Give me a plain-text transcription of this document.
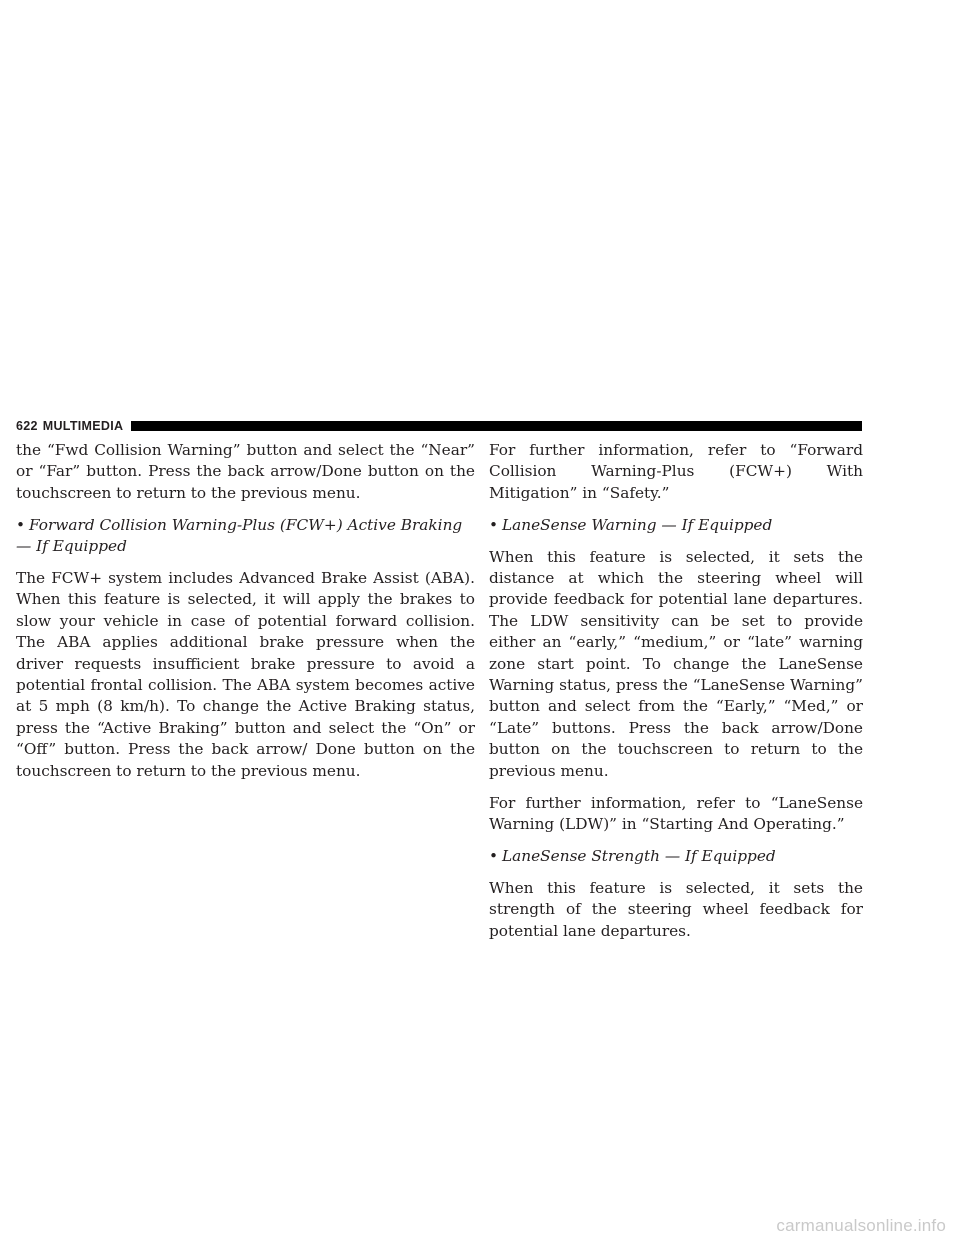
622 MULTIMEDIA

the “Fwd Collision Warning” button and select the “Near” or “Far” button. Press the back arrow/Done button on the touchscreen to return to the previous menu.

• Forward Collision Warning-Plus (FCW+) Active Braking — If Equipped

The FCW+ system includes Advanced Brake Assist (ABA). When this feature is selected, it will apply the brakes to slow your vehicle in case of potential forward collision. The ABA applies additional brake pressure when the driver requests insufficient brake pressure to avoid a potential frontal collision. The ABA system becomes active at 5 mph (8 km/h). To change the Active Braking status, press the “Active Braking” button and select the “On” or “Off” button. Press the back arrow/ Done button on the touchscreen to return to the previous menu.

For further information, refer to “Forward Collision Warning-Plus (FCW+) With Mitigation” in “Safety.”

• LaneSense Warning — If Equipped

When this feature is selected, it sets the distance at which the steering wheel will provide feedback for potential lane departures. The LDW sensitivity can be set to provide either an “early,” “medium,” or “late” warning zone start point. To change the LaneSense Warning status, press the “LaneSense Warning” button and select from the “Early,” “Med,” or “Late” buttons. Press the back arrow/Done button on the touchscreen to return to the previous menu.

For further information, refer to “LaneSense Warning (LDW)” in “Starting And Operating.”

• LaneSense Strength — If Equipped

When this feature is selected, it sets the strength of the steering wheel feedback for potential lane departures.

carmanualsonline.info
